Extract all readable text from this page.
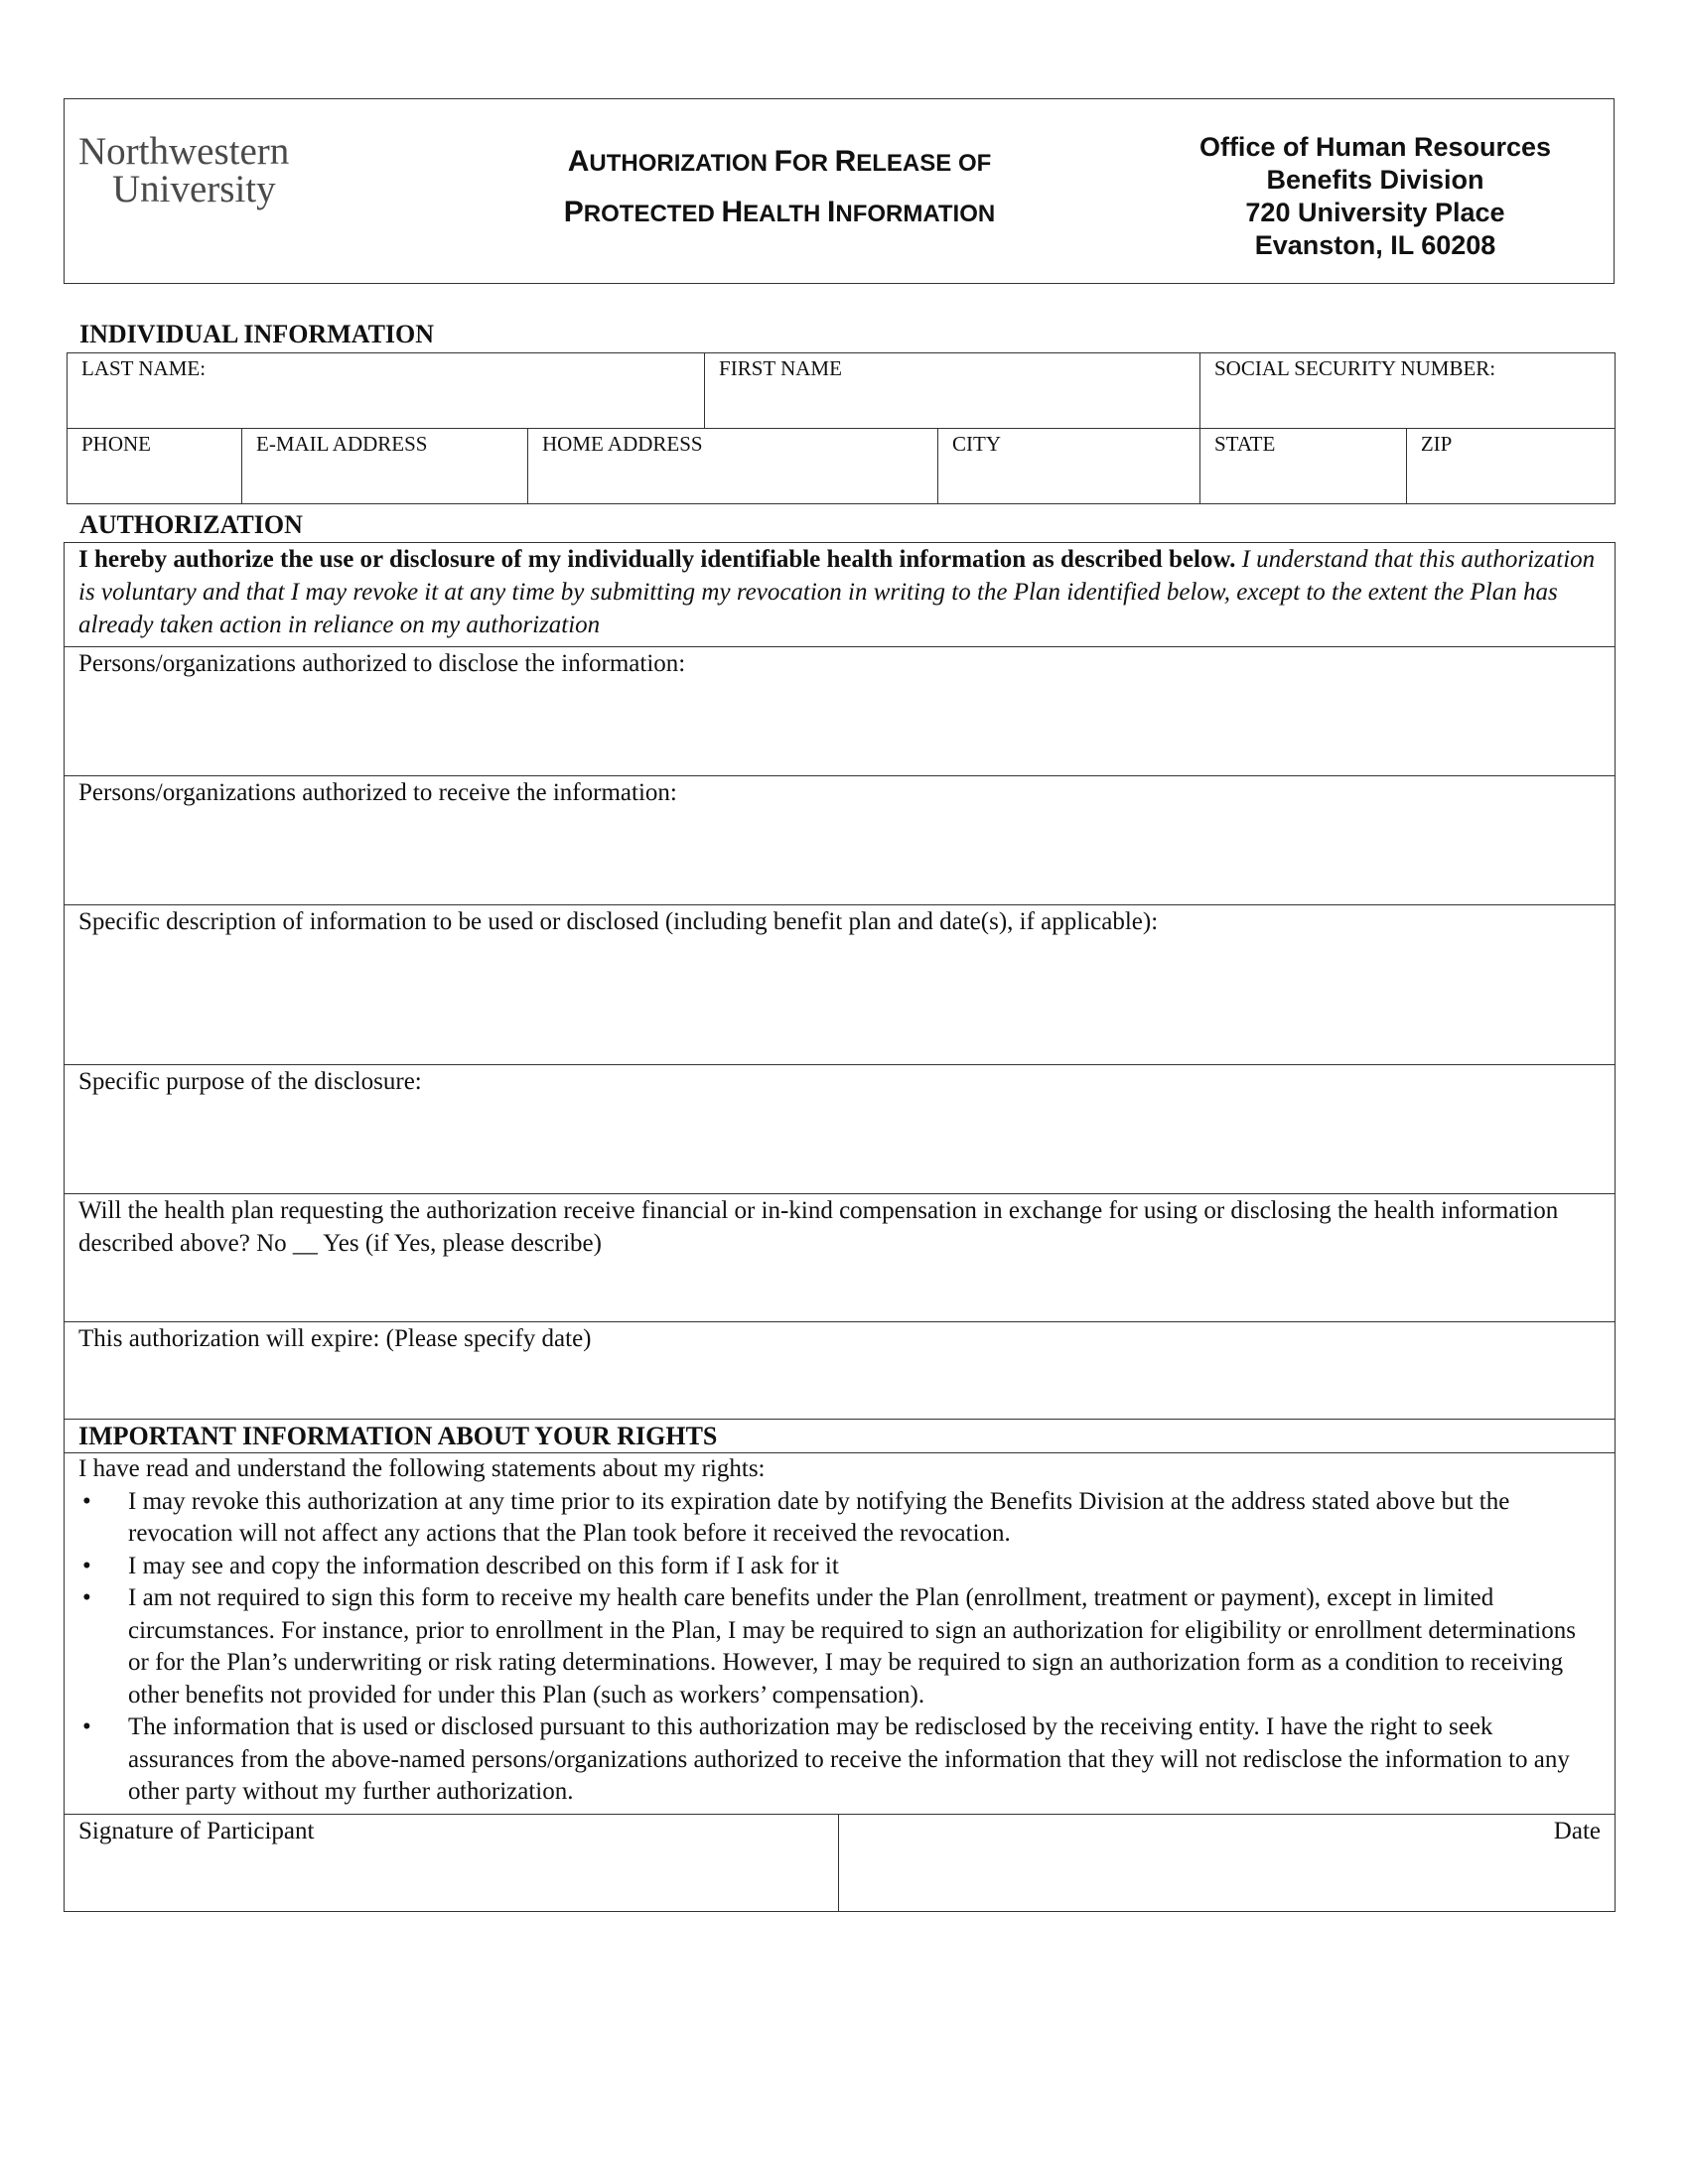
Northwestern
University
AUTHORIZATION FOR RELEASE OF
PROTECTED HEALTH INFORMATION
Office of Human Resources
Benefits Division
720 University Place
Evanston, IL 60208
INDIVIDUAL INFORMATION
LAST NAME:			FIRST NAME		SOCIAL SECURITY NUMBER:	
PHONE	E-MAIL ADDRESS	HOME ADDRESS		CITY	STATE	ZIP
AUTHORIZATION
I hereby authorize the use or disclosure of my individually identifiable health information as described below. I understand that this authorization is voluntary and that I may revoke it at any time by submitting my revocation in writing to the Plan identified below, except to the extent the Plan has already taken action in reliance on my authorization
Persons/organizations authorized to disclose the information:
Persons/organizations authorized to receive the information:
Specific description of information to be used or disclosed (including benefit plan and date(s), if applicable):
Specific purpose of the disclosure:
Will the health plan requesting the authorization receive financial or in-kind compensation in exchange for using or disclosing the health information described above? No __ Yes (if Yes, please describe)
This authorization will expire: (Please specify date)
IMPORTANT INFORMATION ABOUT YOUR RIGHTS
I have read and understand the following statements about my rights:
• I may revoke this authorization at any time prior to its expiration date by notifying the Benefits Division at the address stated above but the revocation will not affect any actions that the Plan took before it received the revocation.
• I may see and copy the information described on this form if I ask for it
• I am not required to sign this form to receive my health care benefits under the Plan (enrollment, treatment or payment), except in limited circumstances. For instance, prior to enrollment in the Plan, I may be required to sign an authorization for eligibility or enrollment determinations or for the Plan’s underwriting or risk rating determinations. However, I may be required to sign an authorization form as a condition to receiving other benefits not provided for under this Plan (such as workers’ compensation).
• The information that is used or disclosed pursuant to this authorization may be redisclosed by the receiving entity. I have the right to seek assurances from the above-named persons/organizations authorized to receive the information that they will not redisclose the information to any other party without my further authorization.
Signature of Participant	Date
